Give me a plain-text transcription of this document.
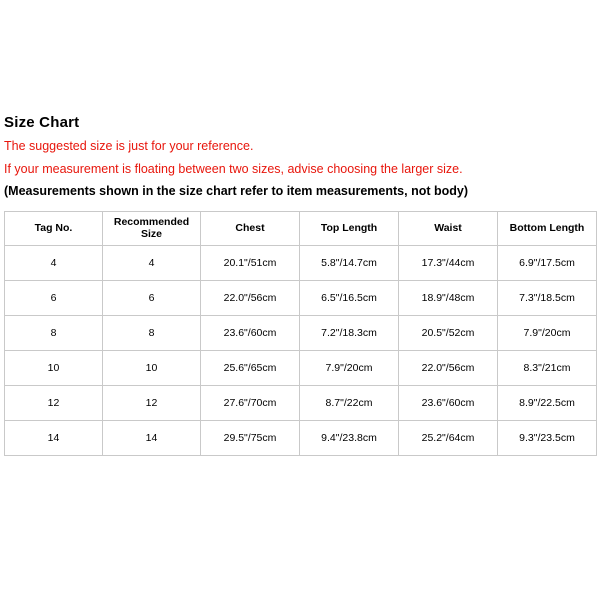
Size Chart

The suggested size is just for your reference.

If your measurement is floating between two sizes, advise choosing the larger size.

(Measurements shown in the size chart refer to item measurements, not body)

Tag No.	Recommended Size	Chest	Top Length	Waist	Bottom Length
4	4	20.1"/51cm	5.8"/14.7cm	17.3"/44cm	6.9"/17.5cm
6	6	22.0"/56cm	6.5"/16.5cm	18.9"/48cm	7.3"/18.5cm
8	8	23.6"/60cm	7.2"/18.3cm	20.5"/52cm	7.9"/20cm
10	10	25.6"/65cm	7.9"/20cm	22.0"/56cm	8.3"/21cm
12	12	27.6"/70cm	8.7"/22cm	23.6"/60cm	8.9"/22.5cm
14	14	29.5"/75cm	9.4"/23.8cm	25.2"/64cm	9.3"/23.5cm
